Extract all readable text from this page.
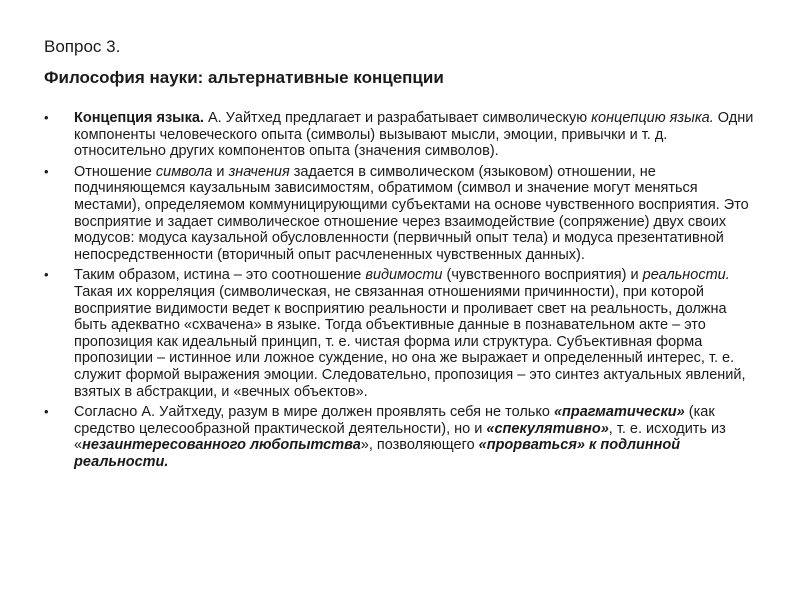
Вопрос 3.
Философия науки: альтернативные концепции
• Концепция языка. А. Уайтхед предлагает и разрабатывает символическую концепцию языка. Одни компоненты человеческого опыта (символы) вызывают мысли, эмоции, привычки и т. д. относительно других компонентов опыта (значения символов).
• Отношение символа и значения задается в символическом (языковом) отношении, не подчиняющемся каузальным зависимостям, обратимом (символ и значение могут меняться местами), определяемом коммуницирующими субъектами на основе чувственного восприятия. Это восприятие и задает символическое отношение через взаимодействие (сопряжение) двух своих модусов: модуса каузальной обусловленности (первичный опыт тела) и модуса презентативной непосредственности (вторичный опыт расчлененных чувственных данных).
• Таким образом, истина – это соотношение видимости (чувственного восприятия) и реальности. Такая их корреляция (символическая, не связанная отношениями причинности), при которой восприятие видимости ведет к восприятию реальности и проливает свет на реальность, должна быть адекватно «схвачена» в языке. Тогда объективные данные в познавательном акте – это пропозиция как идеальный принцип, т. е. чистая форма или структура. Субъективная форма пропозиции – истинное или ложное суждение, но она же выражает и определенный интерес, т. е. служит формой выражения эмоции. Следовательно, пропозиция – это синтез актуальных явлений, взятых в абстракции, и «вечных объектов».
• Согласно А. Уайтхеду, разум в мире должен проявлять себя не только «прагматически» (как средство целесообразной практической деятельности), но и «спекулятивно», т. е. исходить из «незаинтересованного любопытства», позволяющего «прорваться» к подлинной реальности.
